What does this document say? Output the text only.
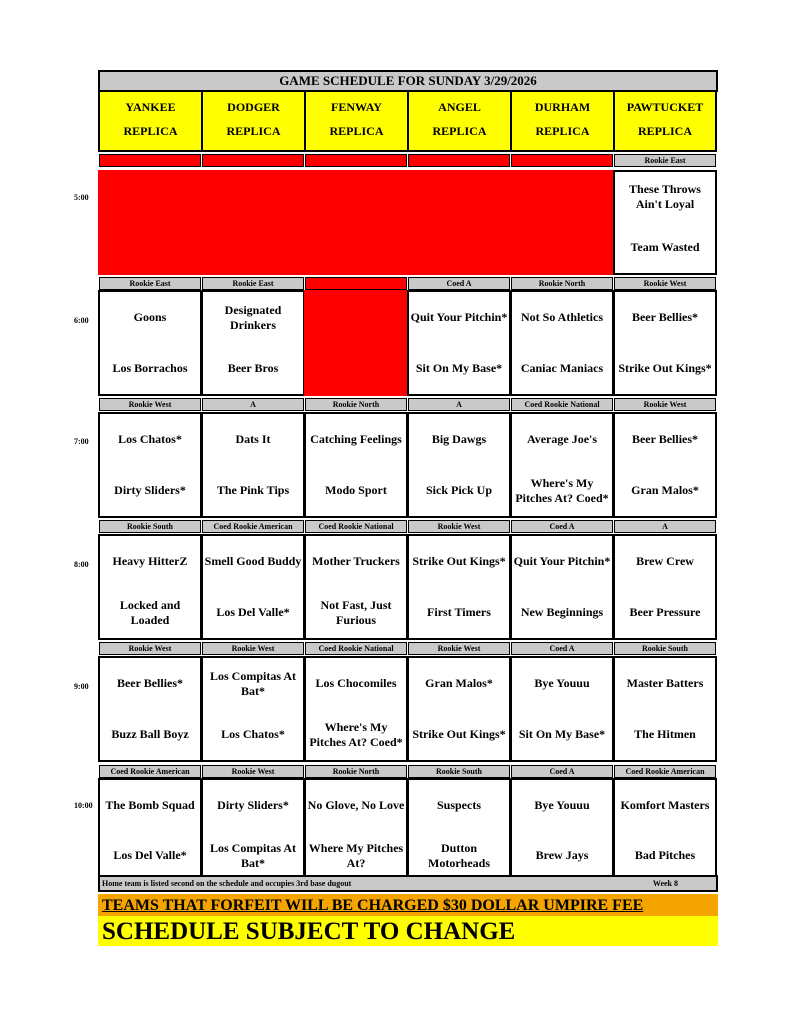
GAME SCHEDULE FOR SUNDAY 3/29/2026
YANKEE
REPLICA
DODGER
REPLICA
FENWAY
REPLICA
ANGEL
REPLICA
DURHAM
REPLICA
PAWTUCKET
REPLICA
Rookie East
These Throws Ain't Loyal
Team Wasted
Rookie East
Goons
Los Borrachos
Rookie East
Designated Drinkers
Beer Bros
Coed A
Quit Your Pitchin*
Sit On My Base*
Rookie North
Not So Athletics
Caniac Maniacs
Rookie West
Beer Bellies*
Strike Out Kings*
Rookie West
Los Chatos*
Dirty Sliders*
A
Dats It
The Pink Tips
Rookie North
Catching Feelings
Modo Sport
A
Big Dawgs
Sick Pick Up
Coed Rookie National
Average Joe's
Where's My Pitches At? Coed*
Rookie West
Beer Bellies*
Gran Malos*
Rookie South
Heavy HitterZ
Locked and Loaded
Coed Rookie American
Smell Good Buddy
Los Del Valle*
Coed Rookie National
Mother Truckers
Not Fast, Just Furious
Rookie West
Strike Out Kings*
First Timers
Coed A
Quit Your Pitchin*
New Beginnings
A
Brew Crew
Beer Pressure
Rookie West
Beer Bellies*
Buzz Ball Boyz
Rookie West
Los Compitas At Bat*
Los Chatos*
Coed Rookie National
Los Chocomiles
Where's My Pitches At? Coed*
Rookie West
Gran Malos*
Strike Out Kings*
Coed A
Bye Youuu
Sit On My Base*
Rookie South
Master Batters
The Hitmen
Coed Rookie American
The Bomb Squad
Los Del Valle*
Rookie West
Dirty Sliders*
Los Compitas At Bat*
Rookie North
No Glove, No Love
Where My Pitches At?
Rookie South
Suspects
Dutton Motorheads
Coed A
Bye Youuu
Brew Jays
Coed Rookie American
Komfort Masters
Bad Pitches
5:00
6:00
7:00
8:00
9:00
10:00
Home team is listed second on the schedule and occupies 3rd base dugout	Week 8
TEAMS THAT FORFEIT WILL BE CHARGED $30 DOLLAR UMPIRE FEE
SCHEDULE SUBJECT TO CHANGE
